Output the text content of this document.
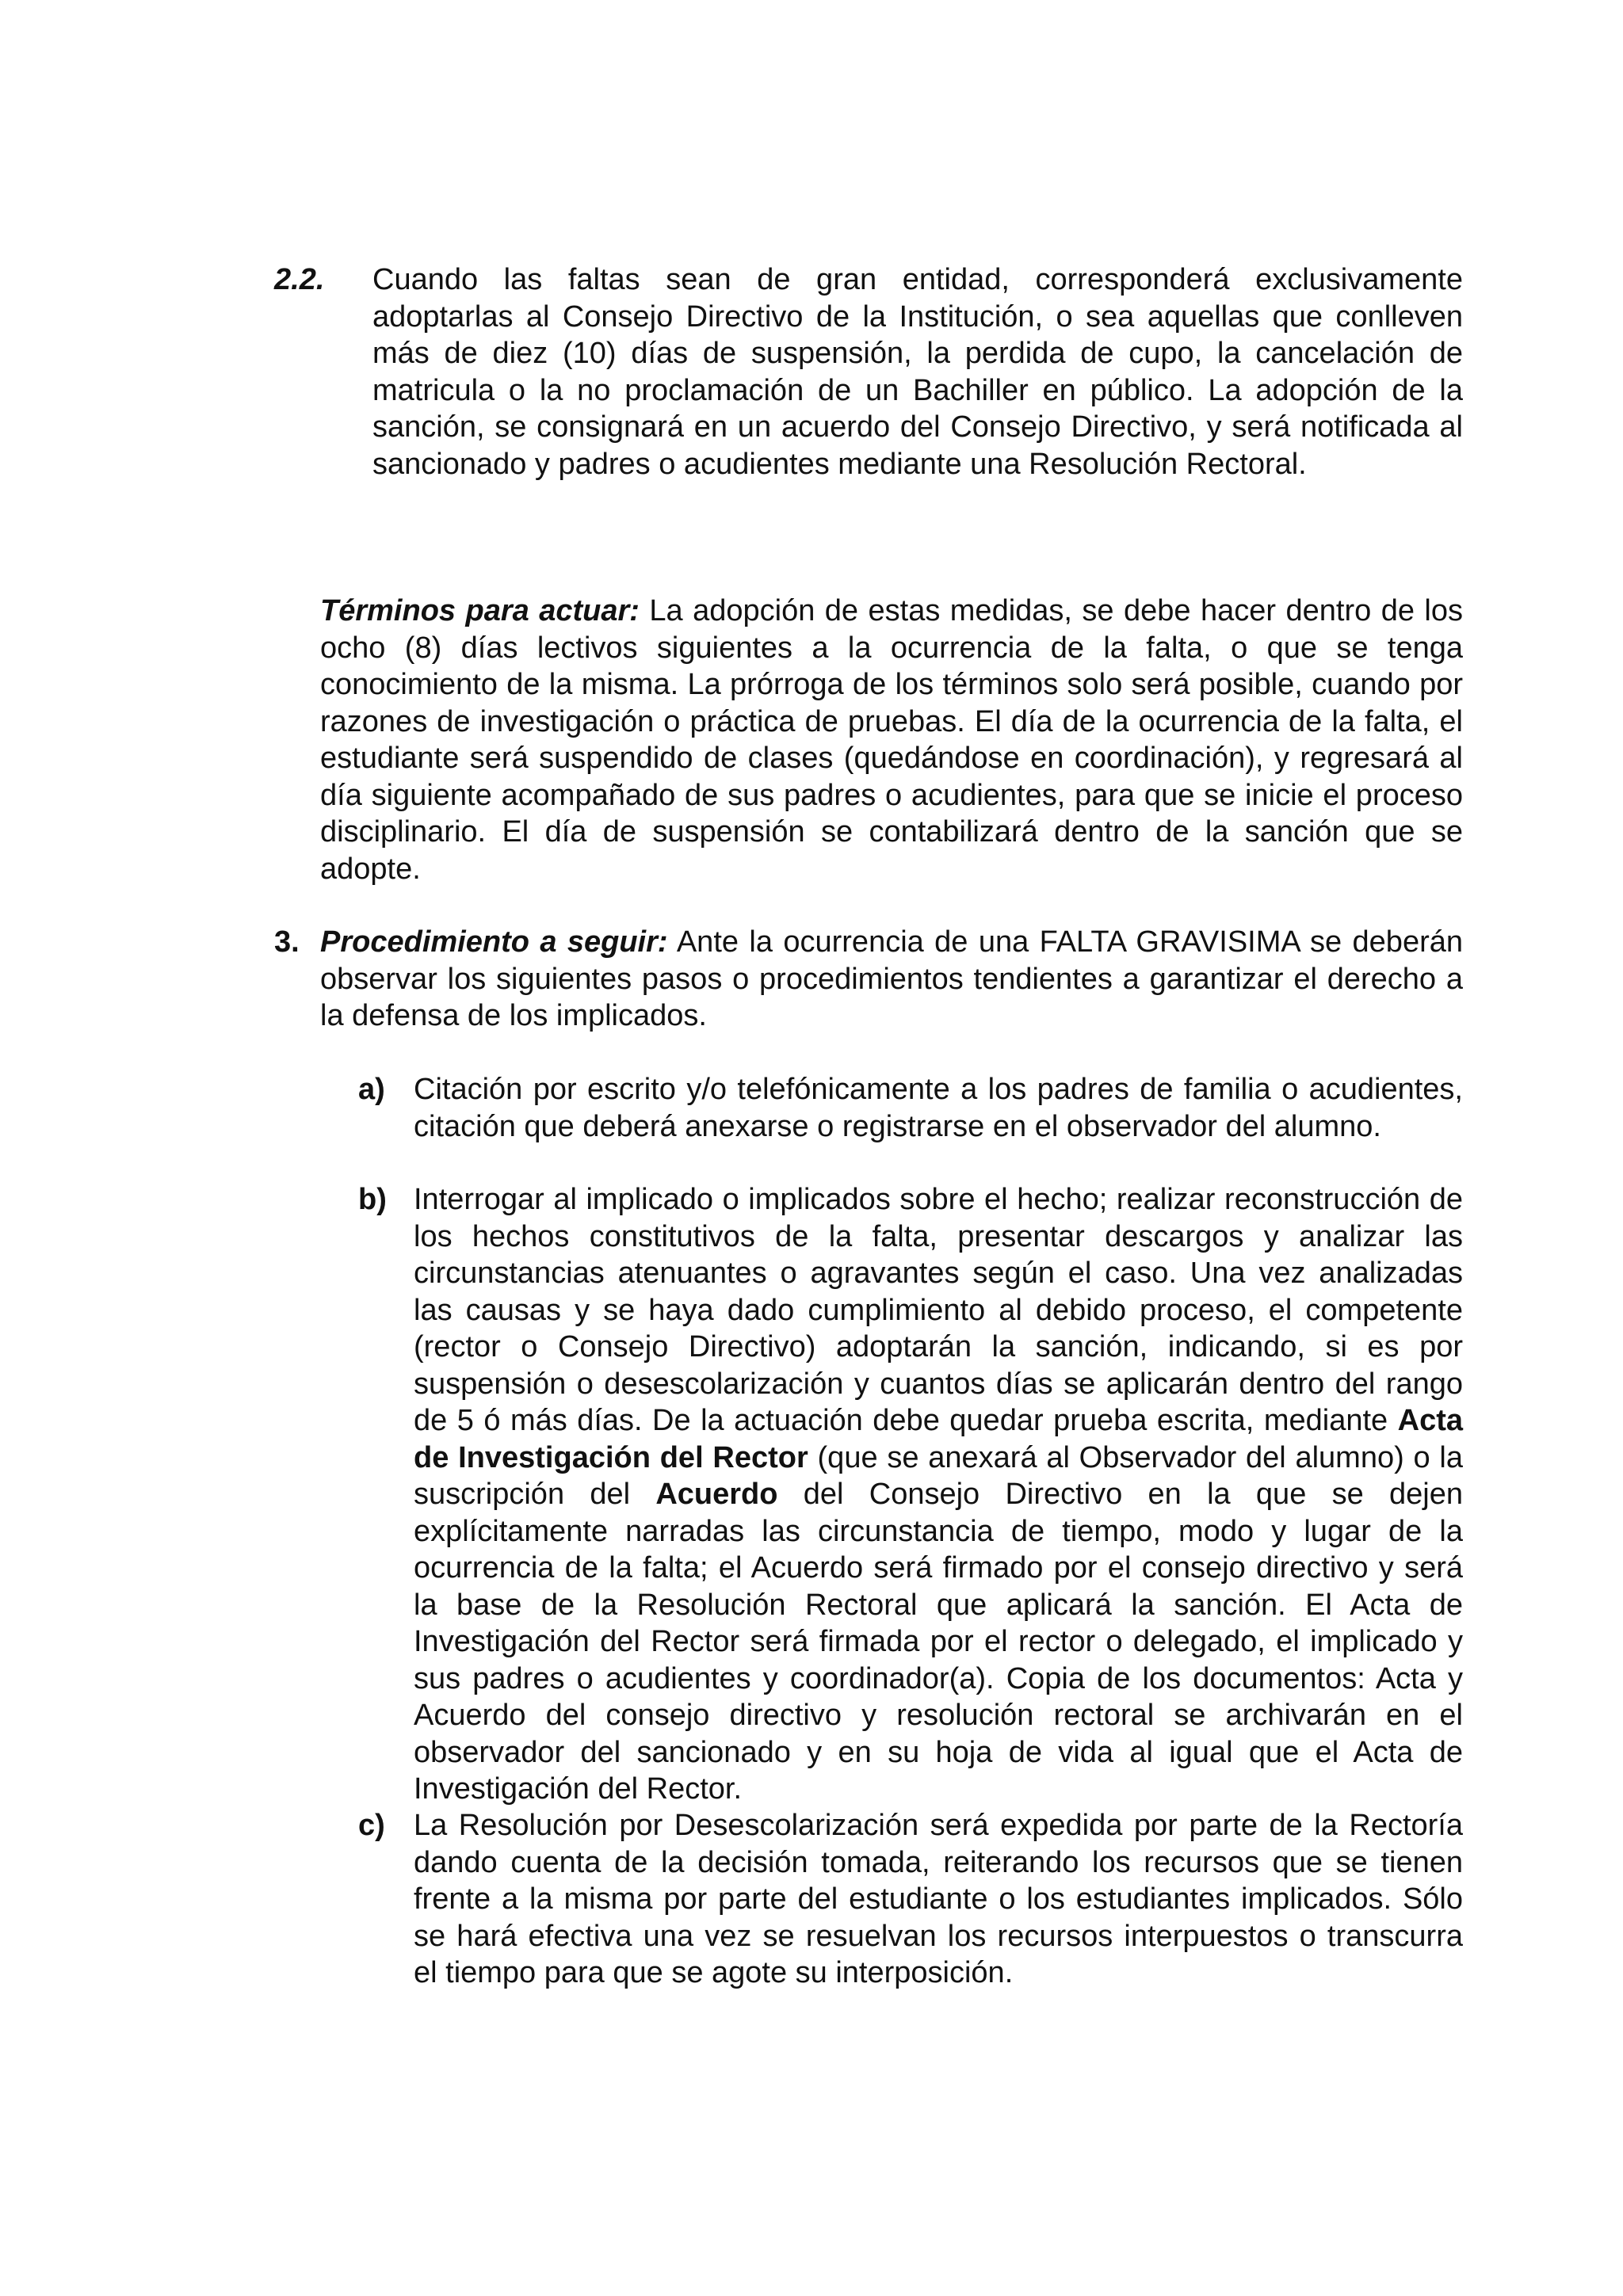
2.2. Cuando las faltas sean de gran entidad, corresponderá exclusivamente adoptarlas al Consejo Directivo de la Institución, o sea aquellas que conlleven más de diez (10) días de suspensión, la perdida de cupo, la cancelación de matricula o la no proclamación de un Bachiller en público. La adopción de la sanción, se consignará en un acuerdo del Consejo Directivo, y será notificada al sancionado y padres o acudientes mediante una Resolución Rectoral.
Términos para actuar: La adopción de estas medidas, se debe hacer dentro de los ocho (8) días lectivos siguientes a la ocurrencia de la falta, o que se tenga conocimiento de la misma. La prórroga de los términos solo será posible, cuando por razones de investigación o práctica de pruebas. El día de la ocurrencia de la falta, el estudiante será suspendido de clases (quedándose en coordinación), y regresará al día siguiente acompañado de sus padres o acudientes, para que se inicie el proceso disciplinario. El día de suspensión se contabilizará dentro de la sanción que se adopte.
3. Procedimiento a seguir: Ante la ocurrencia de una FALTA GRAVISIMA se deberán observar los siguientes pasos o procedimientos tendientes a garantizar el derecho a la defensa de los implicados.
a) Citación por escrito y/o telefónicamente a los padres de familia o acudientes, citación que deberá anexarse o registrarse en el observador del alumno.
b) Interrogar al implicado o implicados sobre el hecho; realizar reconstrucción de los hechos constitutivos de la falta, presentar descargos y analizar las circunstancias atenuantes o agravantes según el caso. Una vez analizadas las causas y se haya dado cumplimiento al debido proceso, el competente (rector o Consejo Directivo) adoptarán la sanción, indicando, si es por suspensión o desescolarización y cuantos días se aplicarán dentro del rango de 5 ó más días. De la actuación debe quedar prueba escrita, mediante Acta de Investigación del Rector (que se anexará al Observador del alumno) o la suscripción del Acuerdo del Consejo Directivo en la que se dejen explícitamente narradas las circunstancia de tiempo, modo y lugar de la ocurrencia de la falta; el Acuerdo será firmado por el consejo directivo y será la base de la Resolución Rectoral que aplicará la sanción. El Acta de Investigación del Rector será firmada por el rector o delegado, el implicado y sus padres o acudientes y coordinador(a). Copia de los documentos: Acta y Acuerdo del consejo directivo y resolución rectoral se archivarán en el observador del sancionado y en su hoja de vida al igual que el Acta de Investigación del Rector.
c) La Resolución por Desescolarización será expedida por parte de la Rectoría dando cuenta de la decisión tomada, reiterando los recursos que se tienen frente a la misma por parte del estudiante o los estudiantes implicados. Sólo se hará efectiva una vez se resuelvan los recursos interpuestos o transcurra el tiempo para que se agote su interposición.
